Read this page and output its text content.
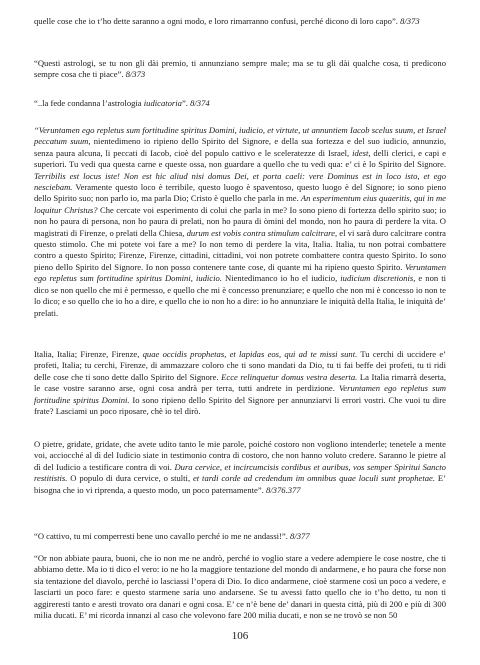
quelle cose che io t’ho dette saranno a ogni modo, e loro rimarranno confusi, perché dicono di loro capo”. 8/373

“Questi astrologi, se tu non gli dài premio, ti annunziano sempre male; ma se tu gli dài qualche cosa, ti predicono sempre cosa che ti piace”. 8/373

“..la fede condanna l’astrologia iudicatoria”. 8/374

“Veruntamen ego repletus sum fortitudine spiritus Domini, iudicio, et virtute, ut annuntiem Iacob scelus suum, et Israel peccatum suum, nientedimeno io ripieno dello Spirito del Signore, e della sua fortezza e del suo iudicio, annunzio, senza paura alcuna, li peccati di Iacob, cioè del populo cattivo e le sceleratezze di Israel, idest, delli clerici, e capi e superiori. Tu vedi qua questa carne e queste ossa, non guardare a quello che tu vedi qua: e’ ci è lo Spirito del Signore. Terribilis est locus iste! Non est hic aliud nisi domus Dei, et porta caeli: vere Dominus est in loco isto, et ego nesciebam. Veramente questo loco è terribile, questo luogo è spaventoso, questo luogo è del Signore; io sono pieno dello Spirito suo; non parlo io, ma parla Dio; Cristo è quello che parla in me. An esperimentum eius quaeritis, qui in me loquitur Christus? Che cercate voi esperimento di colui che parla in me? Io sono pieno di fortezza dello spirito suo; io non ho paura di persona, non ho paura di prelati, non ho paura di òmini del mondo, non ho paura di perdere la vita. O magistrati di Firenze, o prelati della Chiesa, durum est vobis contra stimulum calcitrare, el vi sarà duro calcitrare contra questo stimolo. Che mi potete voi fare a me? Io non temo di perdere la vita, Italia. Italia, tu non potrai combattere contro a questo Spirito; Firenze, Firenze, cittadini, cittadini, voi non potrete combattere contra questo Spirito. Io sono pieno dello Spirito del Signore. Io non posso contenere tante cose, di quante mi ha ripieno questo Spirito. Veruntamen ego repletus sum fortitudine spiritus Domini, iudicio. Nientedimanco io ho el iudicio, iudicium discretionis, e non ti dico se non quello che mi è permesso, e quello che mi è concesso prenunziare; e quello che non mi è concesso io non te lo dico; e so quello che io ho a dire, e quello che io non ho a dire: io ho annunziare le iniquità della Italia, le iniquità de’ prelati.

Italia, Italia; Firenze, Firenze, quae occidis prophetas, et lapidas eos, qui ad te missi sunt. Tu cerchi di uccidere e’ profeti, Italia; tu cerchi, Firenze, di ammazzare coloro che ti sono mandati da Dio, tu ti fai beffe dei profeti, tu ti ridi delle cose che ti sono dette dallo Spirito del Signore. Ecce relinquetur domus vestra deserta. La Italia rimarrà deserta, le case vostre saranno arse, ogni cosa andrà per terra, tutti andrete in perdizione. Veruntamen ego repletus sum fortitudine spiritus Domini. Io sono ripieno dello Spirito del Signore per annunziarvi li errori vostri. Che vuoi tu dire frate? Lasciami un poco riposare, chè io tel dirò.

O pietre, gridate, gridate, che avete udito tanto le mie parole, poiché costoro non vogliono intenderle; tenetele a mente voi, acciocché al dì del Iudicio siate in testimonio contra di costoro, che non hanno voluto credere. Saranno le pietre al dì del Iudicio a testificare contra di voi. Dura cervice, et incircumcisis cordibus et auribus, vos semper Spiritui Sancto restitistis. O populo di dura cervice, o stulti, et tardi corde ad credendum im omnibus quae loculi sunt prophetae. E’ bisogna che io vi riprenda, a questo modo, un poco paternamente”. 8/376.377

“O cattivo, tu mi comperresti bene uno cavallo perché io me ne andassi!”. 8/377

“Or non abbiate paura, buoni, che io non me ne andrò, perché io voglio stare a vedere adempiere le cose nostre, che ti abbiamo dette. Ma io ti dico el vero: io ne ho la maggiore tentazione del mondo di andarmene, e ho paura che forse non sia tentazione del diavolo, perché io lasciassi l’opera di Dio. Io dico andarmene, cioè starmene così un poco a vedere, e lasciarti un poco fare: e questo starmene saria uno andarsene. Se tu avessi fatto quello che io t’ho detto, tu non ti aggireresti tanto e aresti trovato ora danari e ogni cosa. E’ ce n’è bene de’ danari in questa città, più di 200 e più di 300 milia ducati. E’ mi ricorda innanzi al caso che volevono fare 200 milia ducati, e non se ne trovò se non 50

106
